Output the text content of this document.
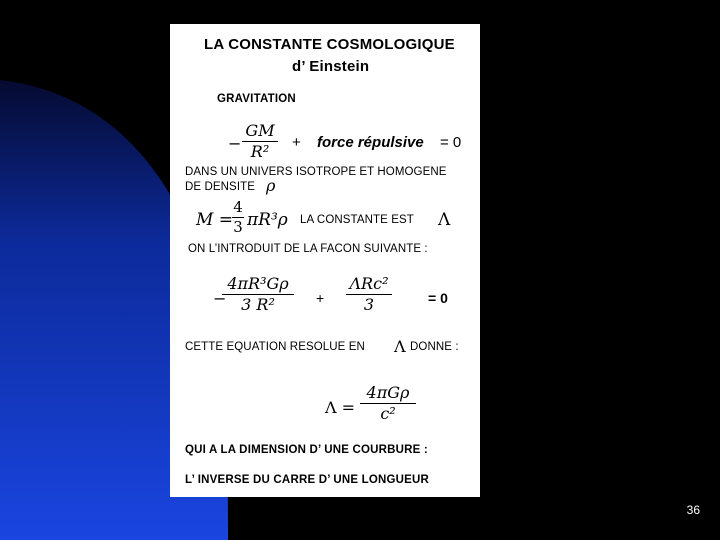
LA CONSTANTE COSMOLOGIQUE
d’ Einstein
GRAVITATION
−
GM
R²	+ force répulsive = 0
DANS UN UNIVERS ISOTROPE ET HOMOGENE
DE DENSITE ρ
M =
4
3 πR³ρ LA CONSTANTE EST Λ
ON L’INTRODUIT DE LA FACON SUIVANTE :
−
4πR³Gρ
3 R²	+
ΛRc²
3	= 0
CETTE EQUATION RESOLUE EN Λ DONNE :
Λ =
4πGρ
c²
QUI A LA DIMENSION D’ UNE COURBURE :
L’ INVERSE DU CARRE D’ UNE LONGUEUR
36
